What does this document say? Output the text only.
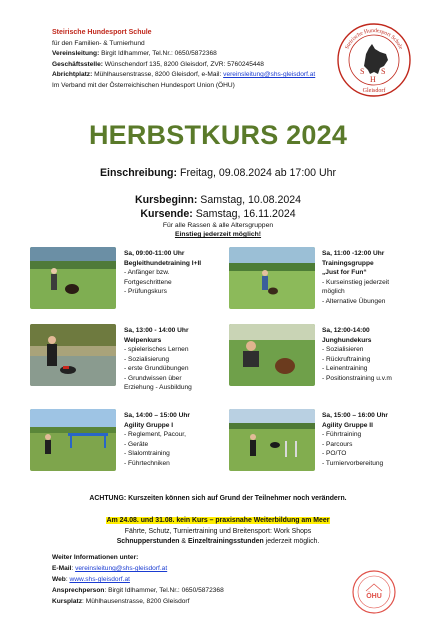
Steirische Hundesport Schule
für den Familien- & Turnierhund
Vereinsleitung: Birgit Idlhammer, Tel.Nr.: 0650/5872368
Geschäftsstelle: Wünschendorf 135, 8200 Gleisdorf, ZVR: 5760245448
Abrichtplatz: Mühlhausenstrasse, 8200 Gleisdorf, e-Mail: vereinsleitung@shs-gleisdorf.at
Im Verband mit der Österreichischen Hundesport Union (ÖHU)
Steirische Hundesport Schule
S
H
S
Gleisdorf
HERBSTKURS 2024
Einschreibung: Freitag, 09.08.2024 ab 17:00 Uhr
Kursbeginn: Samstag, 10.08.2024
Kursende: Samstag, 16.11.2024
Für alle Rassen & alle Altersgruppen
Einstieg jederzeit möglich!
Sa, 09:00-11:00 Uhr
Begleithundetraining I+II
- Anfänger bzw.
Fortgeschrittene
- Prüfungskurs
Sa, 11:00 -12:00 Uhr
Trainingsgruppe
„Just for Fun“
- Kurseinstieg jederzeit
möglich
- Alternative Übungen
Sa, 13:00 - 14:00 Uhr
Welpenkurs
- spielerisches Lernen
- Sozialisierung
- erste Grundübungen
- Grundwissen über
Erziehung - Ausbildung
Sa, 12:00-14:00
Junghundekurs
- Sozialisieren
- Rückruftraining
- Leinentraining
- Positionstraining u.v.m
Sa, 14:00 – 15:00 Uhr
Agility Gruppe I
- Reglement, Pacour,
- Geräte
- Slalomtraining
- Führtechniken
Sa, 15:00 – 16:00 Uhr
Agility Gruppe II
- Führtraining
- Parcours
- PO/TO
- Turniervorbereitung
ACHTUNG: Kurszeiten können sich auf Grund der Teilnehmer noch verändern.
Am 24.08. und 31.08. kein Kurs – praxisnahe Weiterbildung am Meer
Fährte, Schutz, Turniertraining und Breitensport: Work Shops
Schnupperstunden & Einzeltrainingsstunden jederzeit möglich.
Weiter Informationen unter:
E-Mail: vereinsleitung@shs-gleisdorf.at
Web: www.shs-gleisdorf.at
Ansprechperson: Birgit Idlhammer, Tel.Nr.: 0650/5872368
Kursplatz: Mühlhausenstrasse, 8200 Gleisdorf
ÖHU
